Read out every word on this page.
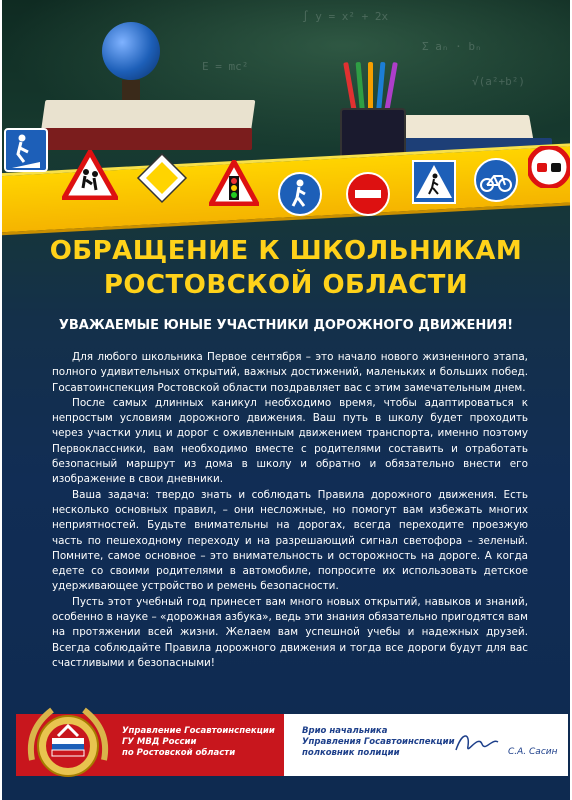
∫ y = x² + 2x
Σ aₙ · bₙ
E = mc²
√(a²+b²)
ОБРАЩЕНИЕ К ШКОЛЬНИКАМ
РОСТОВСКОЙ ОБЛАСТИ
УВАЖАЕМЫЕ ЮНЫЕ УЧАСТНИКИ ДОРОЖНОГО ДВИЖЕНИЯ!

Для любого школьника Первое сентября – это начало нового жизненного этапа, полного удивительных открытий, важных достижений, маленьких и больших побед. Госавтоинспекция Ростовской области поздравляет вас с этим замечательным днем.

После самых длинных каникул необходимо время, чтобы адаптироваться к непростым условиям дорожного движения. Ваш путь в школу будет проходить через участки улиц и дорог с оживленным движением транспорта, именно поэтому Первоклассники, вам необходимо вместе с родителями составить и отработать безопасный маршрут из дома в школу и обратно и обязательно внести его изображение в свои дневники.

Ваша задача: твердо знать и соблюдать Правила дорожного движения. Есть несколько основных правил, – они несложные, но помогут вам избежать многих неприятностей. Будьте внимательны на дорогах, всегда переходите проезжую часть по пешеходному переходу и на разрешающий сигнал светофора – зеленый. Помните, самое основное – это внимательность и осторожность на дороге. А когда едете со своими родителями в автомобиле, попросите их использовать детское удерживающее устройство и ремень безопасности.

Пусть этот учебный год принесет вам много новых открытий, навыков и знаний, особенно в науке – «дорожная азбука», ведь эти знания обязательно пригодятся вам на протяжении всей жизни. Желаем вам успешной учебы и надежных друзей. Всегда соблюдайте Правила дорожного движения и тогда все дороги будут для вас счастливыми и безопасными!

Управление Госавтоинспекции
ГУ МВД России
по Ростовской области
Врио начальника
Управления Госавтоинспекции
полковник полиции	С.А. Сасин
